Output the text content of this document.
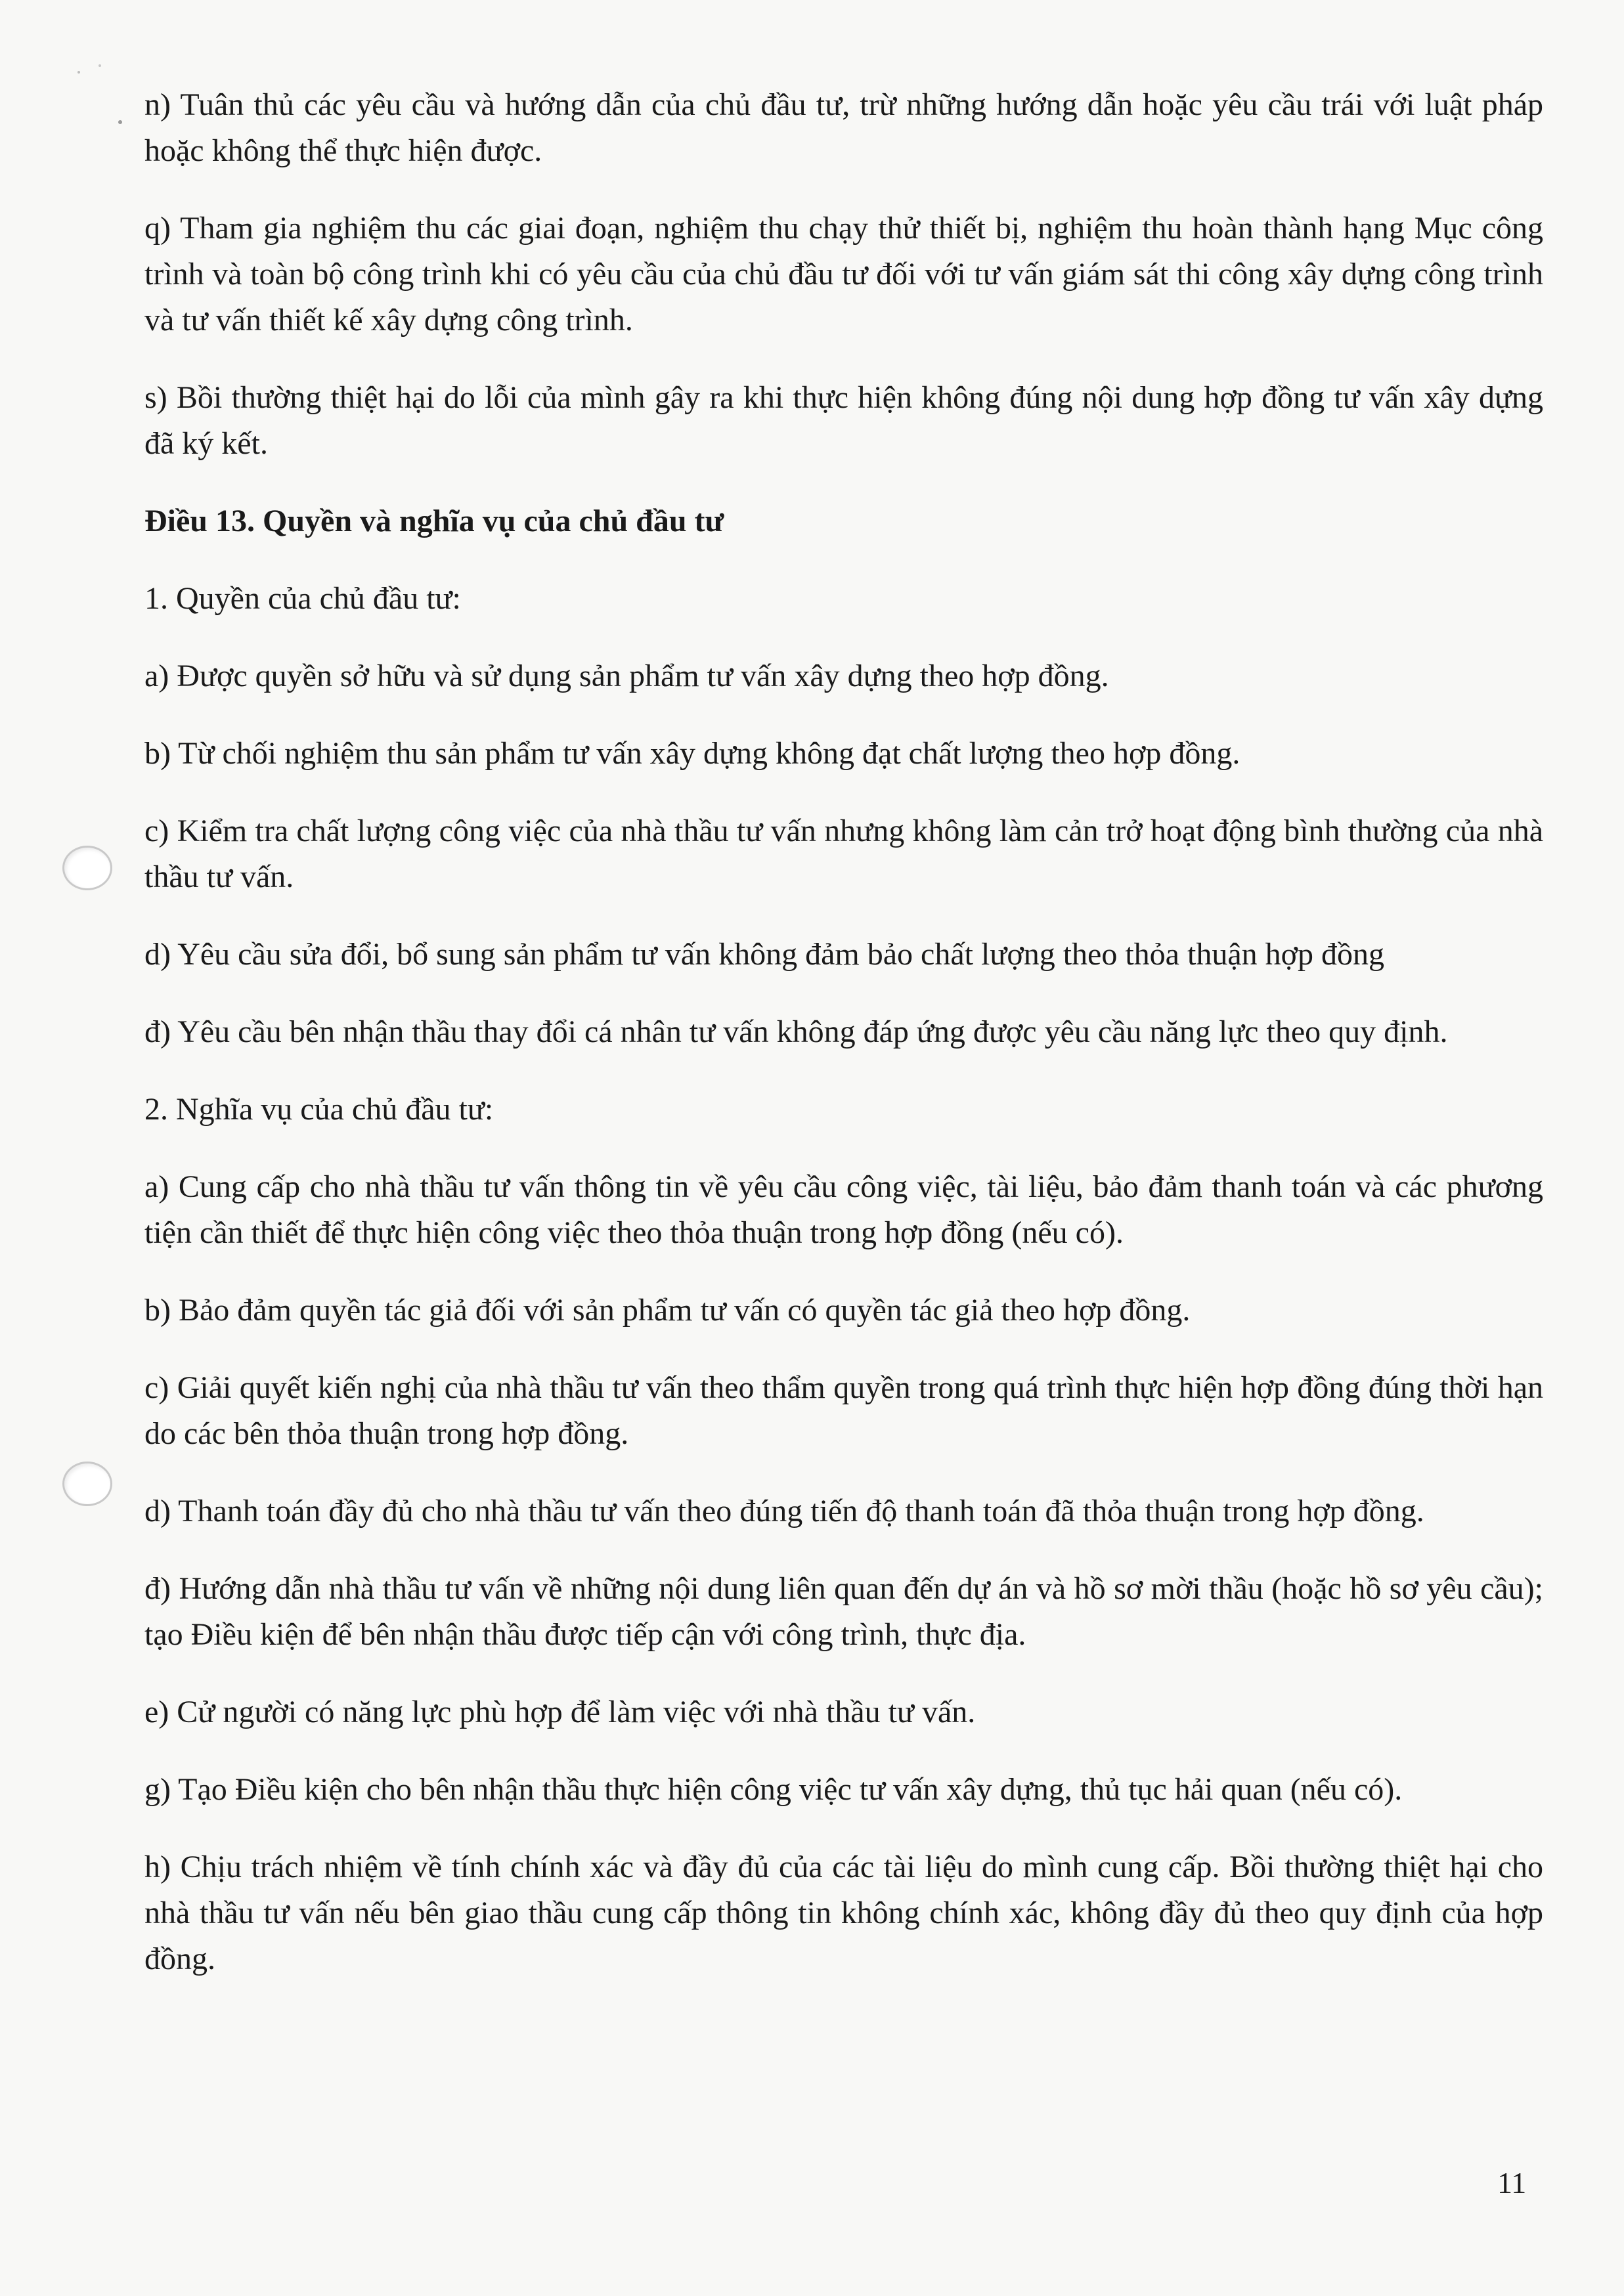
n) Tuân thủ các yêu cầu và hướng dẫn của chủ đầu tư, trừ những hướng dẫn hoặc yêu cầu trái với luật pháp hoặc không thể thực hiện được.

q) Tham gia nghiệm thu các giai đoạn, nghiệm thu chạy thử thiết bị, nghiệm thu hoàn thành hạng Mục công trình và toàn bộ công trình khi có yêu cầu của chủ đầu tư đối với tư vấn giám sát thi công xây dựng công trình và tư vấn thiết kế xây dựng công trình.

s) Bồi thường thiệt hại do lỗi của mình gây ra khi thực hiện không đúng nội dung hợp đồng tư vấn xây dựng đã ký kết.

Điều 13. Quyền và nghĩa vụ của chủ đầu tư

1. Quyền của chủ đầu tư:

a) Được quyền sở hữu và sử dụng sản phẩm tư vấn xây dựng theo hợp đồng.

b) Từ chối nghiệm thu sản phẩm tư vấn xây dựng không đạt chất lượng theo hợp đồng.

c) Kiểm tra chất lượng công việc của nhà thầu tư vấn nhưng không làm cản trở hoạt động bình thường của nhà thầu tư vấn.

d) Yêu cầu sửa đổi, bổ sung sản phẩm tư vấn không đảm bảo chất lượng theo thỏa thuận hợp đồng

đ) Yêu cầu bên nhận thầu thay đổi cá nhân tư vấn không đáp ứng được yêu cầu năng lực theo quy định.

2. Nghĩa vụ của chủ đầu tư:

a) Cung cấp cho nhà thầu tư vấn thông tin về yêu cầu công việc, tài liệu, bảo đảm thanh toán và các phương tiện cần thiết để thực hiện công việc theo thỏa thuận trong hợp đồng (nếu có).

b) Bảo đảm quyền tác giả đối với sản phẩm tư vấn có quyền tác giả theo hợp đồng.

c) Giải quyết kiến nghị của nhà thầu tư vấn theo thẩm quyền trong quá trình thực hiện hợp đồng đúng thời hạn do các bên thỏa thuận trong hợp đồng.

d) Thanh toán đầy đủ cho nhà thầu tư vấn theo đúng tiến độ thanh toán đã thỏa thuận trong hợp đồng.

đ) Hướng dẫn nhà thầu tư vấn về những nội dung liên quan đến dự án và hồ sơ mời thầu (hoặc hồ sơ yêu cầu); tạo Điều kiện để bên nhận thầu được tiếp cận với công trình, thực địa.

e) Cử người có năng lực phù hợp để làm việc với nhà thầu tư vấn.

g) Tạo Điều kiện cho bên nhận thầu thực hiện công việc tư vấn xây dựng, thủ tục hải quan (nếu có).

h) Chịu trách nhiệm về tính chính xác và đầy đủ của các tài liệu do mình cung cấp. Bồi thường thiệt hại cho nhà thầu tư vấn nếu bên giao thầu cung cấp thông tin không chính xác, không đầy đủ theo quy định của hợp đồng.

11
